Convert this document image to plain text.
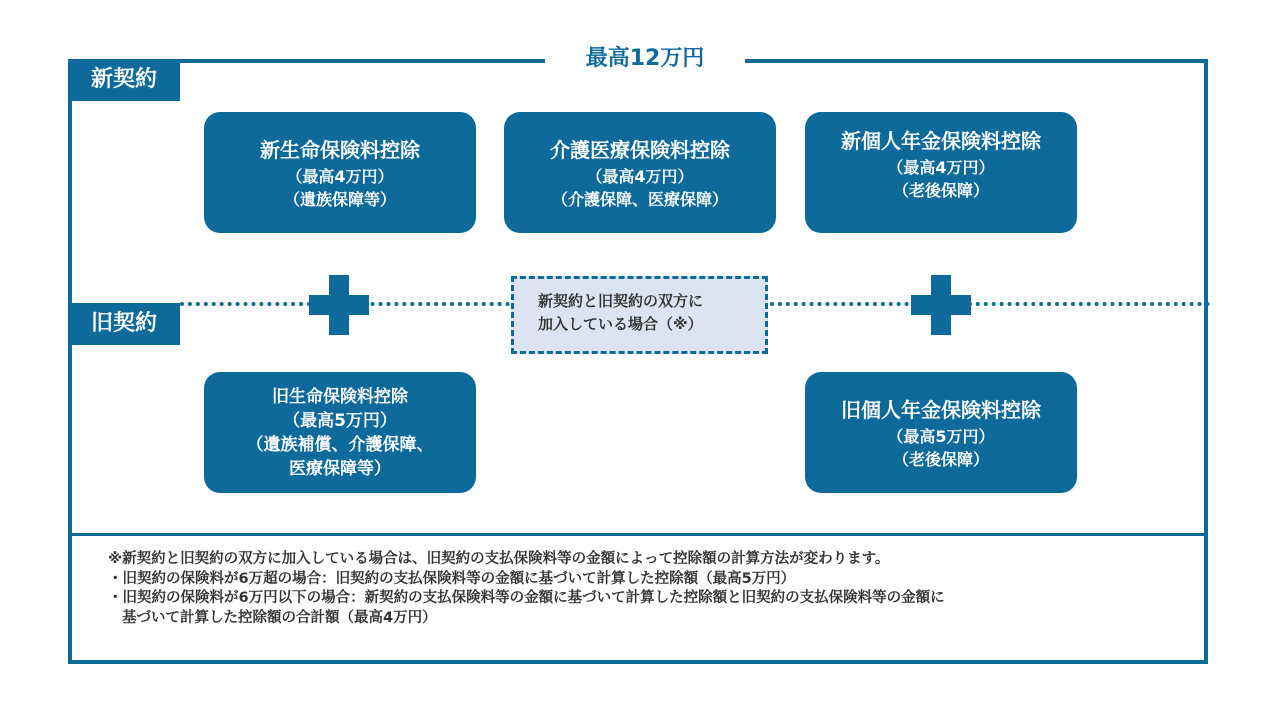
最高12万円
新契約
旧契約
新生命保険料控除
（最高4万円）
（遺族保障等）
介護医療保険料控除
（最高4万円）
（介護保障、医療保障）
新個人年金保険料控除
（最高4万円）
（老後保障）
新契約と旧契約の双方に
加入している場合（※）
旧生命保険料控除
（最高5万円）
（遺族補償、介護保障、
医療保障等）
旧個人年金保険料控除
（最高5万円）
（老後保障）
※新契約と旧契約の双方に加入している場合は、旧契約の支払保険料等の金額によって控除額の計算方法が変わります。
・旧契約の保険料が6万超の場合：旧契約の支払保険料等の金額に基づいて計算した控除額（最高5万円）
・旧契約の保険料が6万円以下の場合：新契約の支払保険料等の金額に基づいて計算した控除額と旧契約の支払保険料等の金額に
基づいて計算した控除額の合計額（最高4万円）
